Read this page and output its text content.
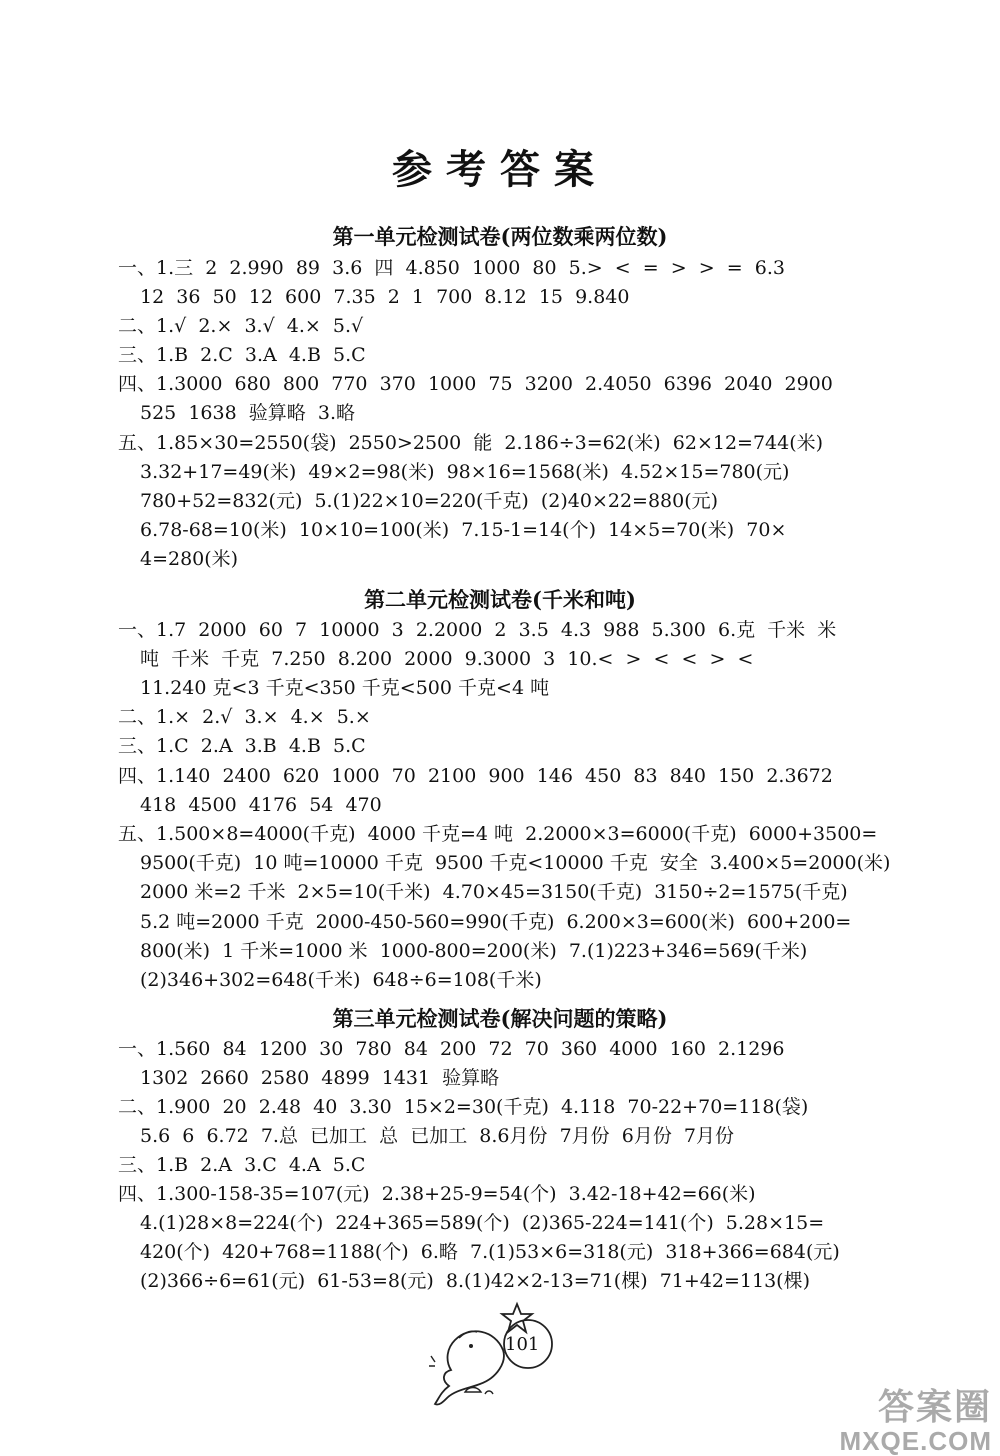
参考答案
第一单元检测试卷(两位数乘两位数)
一、1.三  2  2.990  89  3.6  四  4.850  1000  80  5.>  <  =  >  >  =  6.3
12  36  50  12  600  7.35  2  1  700  8.12  15  9.840
二、1.√  2.×  3.√  4.×  5.√
三、1.B  2.C  3.A  4.B  5.C
四、1.3000  680  800  770  370  1000  75  3200  2.4050  6396  2040  2900
525  1638  验算略  3.略
五、1.85×30=2550(袋)  2550>2500  能  2.186÷3=62(米)  62×12=744(米)
3.32+17=49(米)  49×2=98(米)  98×16=1568(米)  4.52×15=780(元)
780+52=832(元)  5.(1)22×10=220(千克)  (2)40×22=880(元)
6.78-68=10(米)  10×10=100(米)  7.15-1=14(个)  14×5=70(米)  70×
4=280(米)
第二单元检测试卷(千米和吨)
一、1.7  2000  60  7  10000  3  2.2000  2  3.5  4.3  988  5.300  6.克  千米  米
吨  千米  千克  7.250  8.200  2000  9.3000  3  10.<  >  <  <  >  <
11.240 克<3 千克<350 千克<500 千克<4 吨
二、1.×  2.√  3.×  4.×  5.×
三、1.C  2.A  3.B  4.B  5.C
四、1.140  2400  620  1000  70  2100  900  146  450  83  840  150  2.3672
418  4500  4176  54  470
五、1.500×8=4000(千克)  4000 千克=4 吨  2.2000×3=6000(千克)  6000+3500=
9500(千克)  10 吨=10000 千克  9500 千克<10000 千克  安全  3.400×5=2000(米)
2000 米=2 千米  2×5=10(千米)  4.70×45=3150(千克)  3150÷2=1575(千克)
5.2 吨=2000 千克  2000-450-560=990(千克)  6.200×3=600(米)  600+200=
800(米)  1 千米=1000 米  1000-800=200(米)  7.(1)223+346=569(千米)
(2)346+302=648(千米)  648÷6=108(千米)
第三单元检测试卷(解决问题的策略)
一、1.560  84  1200  30  780  84  200  72  70  360  4000  160  2.1296
1302  2660  2580  4899  1431  验算略
二、1.900  20  2.48  40  3.30  15×2=30(千克)  4.118  70-22+70=118(袋)
5.6  6  6.72  7.总  已加工  总  已加工  8.6月份  7月份  6月份  7月份
三、1.B  2.A  3.C  4.A  5.C
四、1.300-158-35=107(元)  2.38+25-9=54(个)  3.42-18+42=66(米)
4.(1)28×8=224(个)  224+365=589(个)  (2)365-224=141(个)  5.28×15=
420(个)  420+768=1188(个)  6.略  7.(1)53×6=318(元)  318+366=684(元)
(2)366÷6=61(元)  61-53=8(元)  8.(1)42×2-13=71(棵)  71+42=113(棵)
101
答案圈
MXQE.COM
